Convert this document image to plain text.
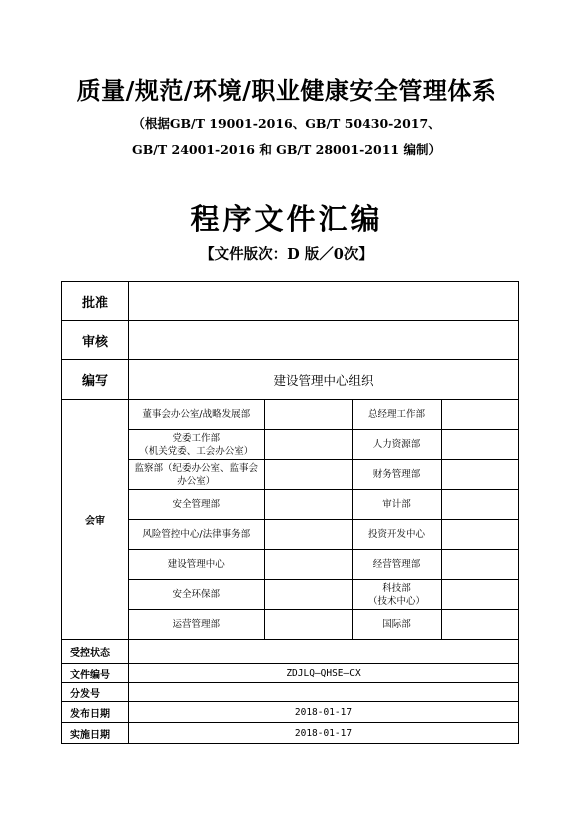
质量/规范/环境/职业健康安全管理体系
（根据GB/T 19001-2016、GB/T 50430-2017、
GB/T 24001-2016 和 GB/T 28001-2011 编制）
程序文件汇编
【文件版次：D 版／0次】
批准	
审核	
编写	建设管理中心组织
会审	
董事会办公室/战略发展部		总经理工作部	
党委工作部
（机关党委、工会办公室）		人力资源部	
监察部（纪委办公室、监事会办公室）		财务管理部	
安全管理部		审计部	
风险管控中心/法律事务部		投资开发中心	
建设管理中心		经营管理部	
安全环保部		科技部
（技术中心）	
运营管理部		国际部	

受控状态	
文件编号	ZDJLQ—QHSE—CX
分发号	
发布日期	2018-01-17
实施日期	2018-01-17
